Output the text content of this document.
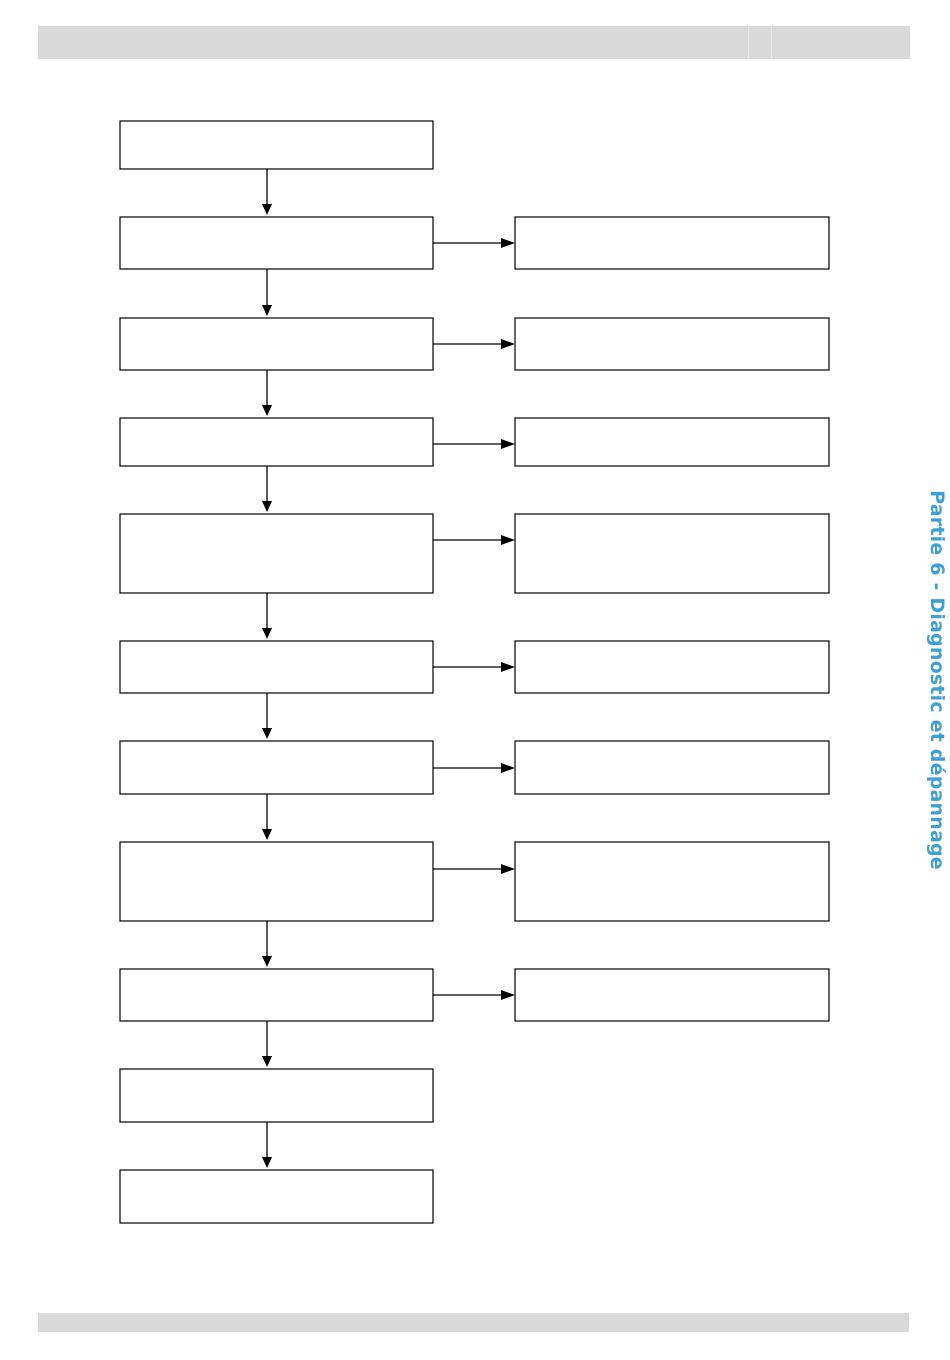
Partie 6 - Diagnostic et dépannage
